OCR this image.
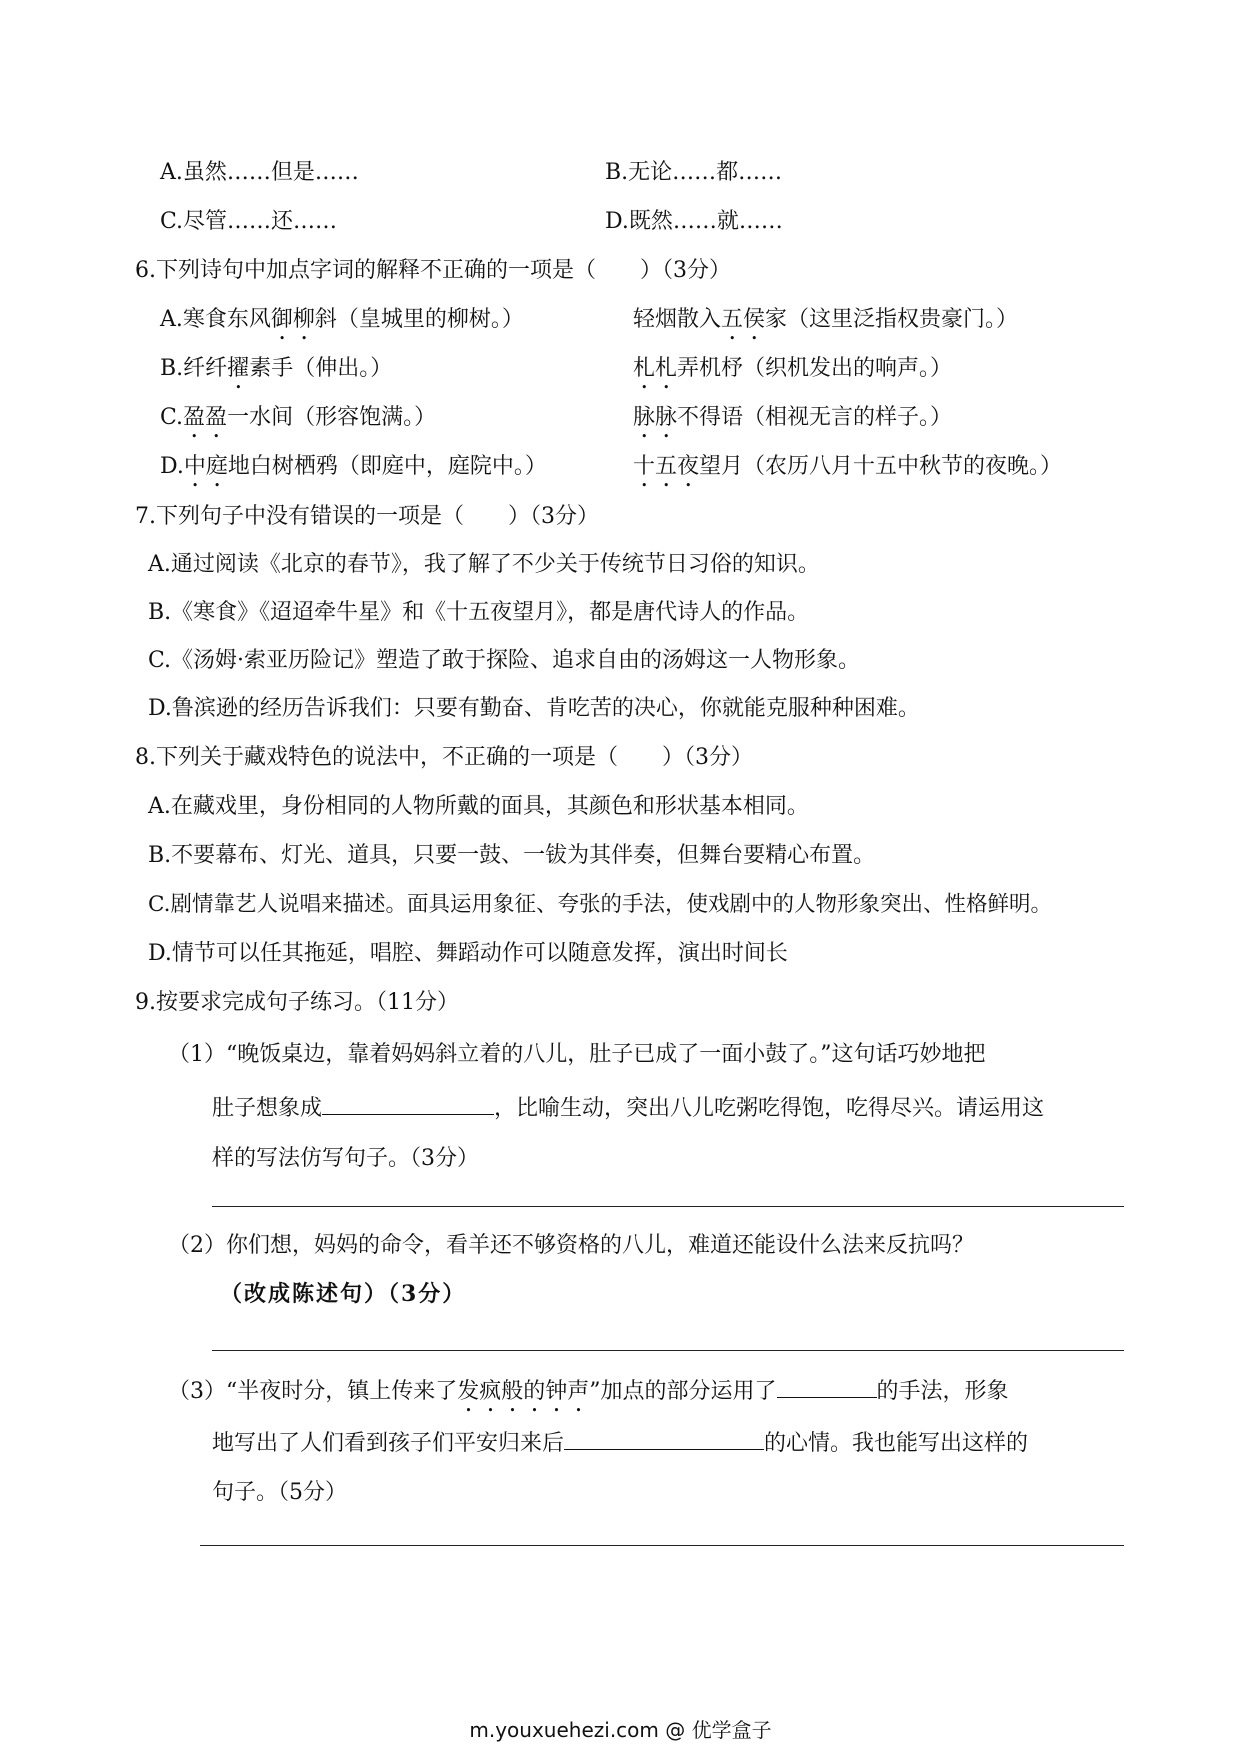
A.虽然……但是……	B.无论……都……
C.尽管……还……	D.既然……就……
6.下列诗句中加点字词的解释不正确的一项是（　　）（3分）
A.寒食东风御柳斜（皇城里的柳树。）	轻烟散入五侯家（这里泛指权贵豪门。）
B.纤纤擢素手（伸出。）	札札弄机杼（织机发出的响声。）
C.盈盈一水间（形容饱满。）	脉脉不得语（相视无言的样子。）
D.中庭地白树栖鸦（即庭中，庭院中。）	十五夜望月（农历八月十五中秋节的夜晚。）
7.下列句子中没有错误的一项是（　　）（3分）
A.通过阅读《北京的春节》，我了解了不少关于传统节日习俗的知识。
B.《寒食》《迢迢牵牛星》和《十五夜望月》，都是唐代诗人的作品。
C.《汤姆·索亚历险记》塑造了敢于探险、追求自由的汤姆这一人物形象。
D.鲁滨逊的经历告诉我们：只要有勤奋、肯吃苦的决心，你就能克服种种困难。
8.下列关于藏戏特色的说法中，不正确的一项是（　　）（3分）
A.在藏戏里，身份相同的人物所戴的面具，其颜色和形状基本相同。
B.不要幕布、灯光、道具，只要一鼓、一钹为其伴奏，但舞台要精心布置。
C.剧情靠艺人说唱来描述。面具运用象征、夸张的手法，使戏剧中的人物形象突出、性格鲜明。
D.情节可以任其拖延，唱腔、舞蹈动作可以随意发挥，演出时间长
9.按要求完成句子练习。（11分）
（1）“晚饭桌边，靠着妈妈斜立着的八儿，肚子已成了一面小鼓了。”这句话巧妙地把
肚子想象成	，比喻生动，突出八儿吃粥吃得饱，吃得尽兴。请运用这
样的写法仿写句子。（3分）
（2）你们想，妈妈的命令，看羊还不够资格的八儿，难道还能设什么法来反抗吗？
（改成陈述句）（3分）
（3）“半夜时分，镇上传来了发疯般的钟声”加点的部分运用了	的手法，形象
地写出了人们看到孩子们平安归来后	的心情。我也能写出这样的
句子。（5分）
m.youxuehezi.com @ 优学盒子
